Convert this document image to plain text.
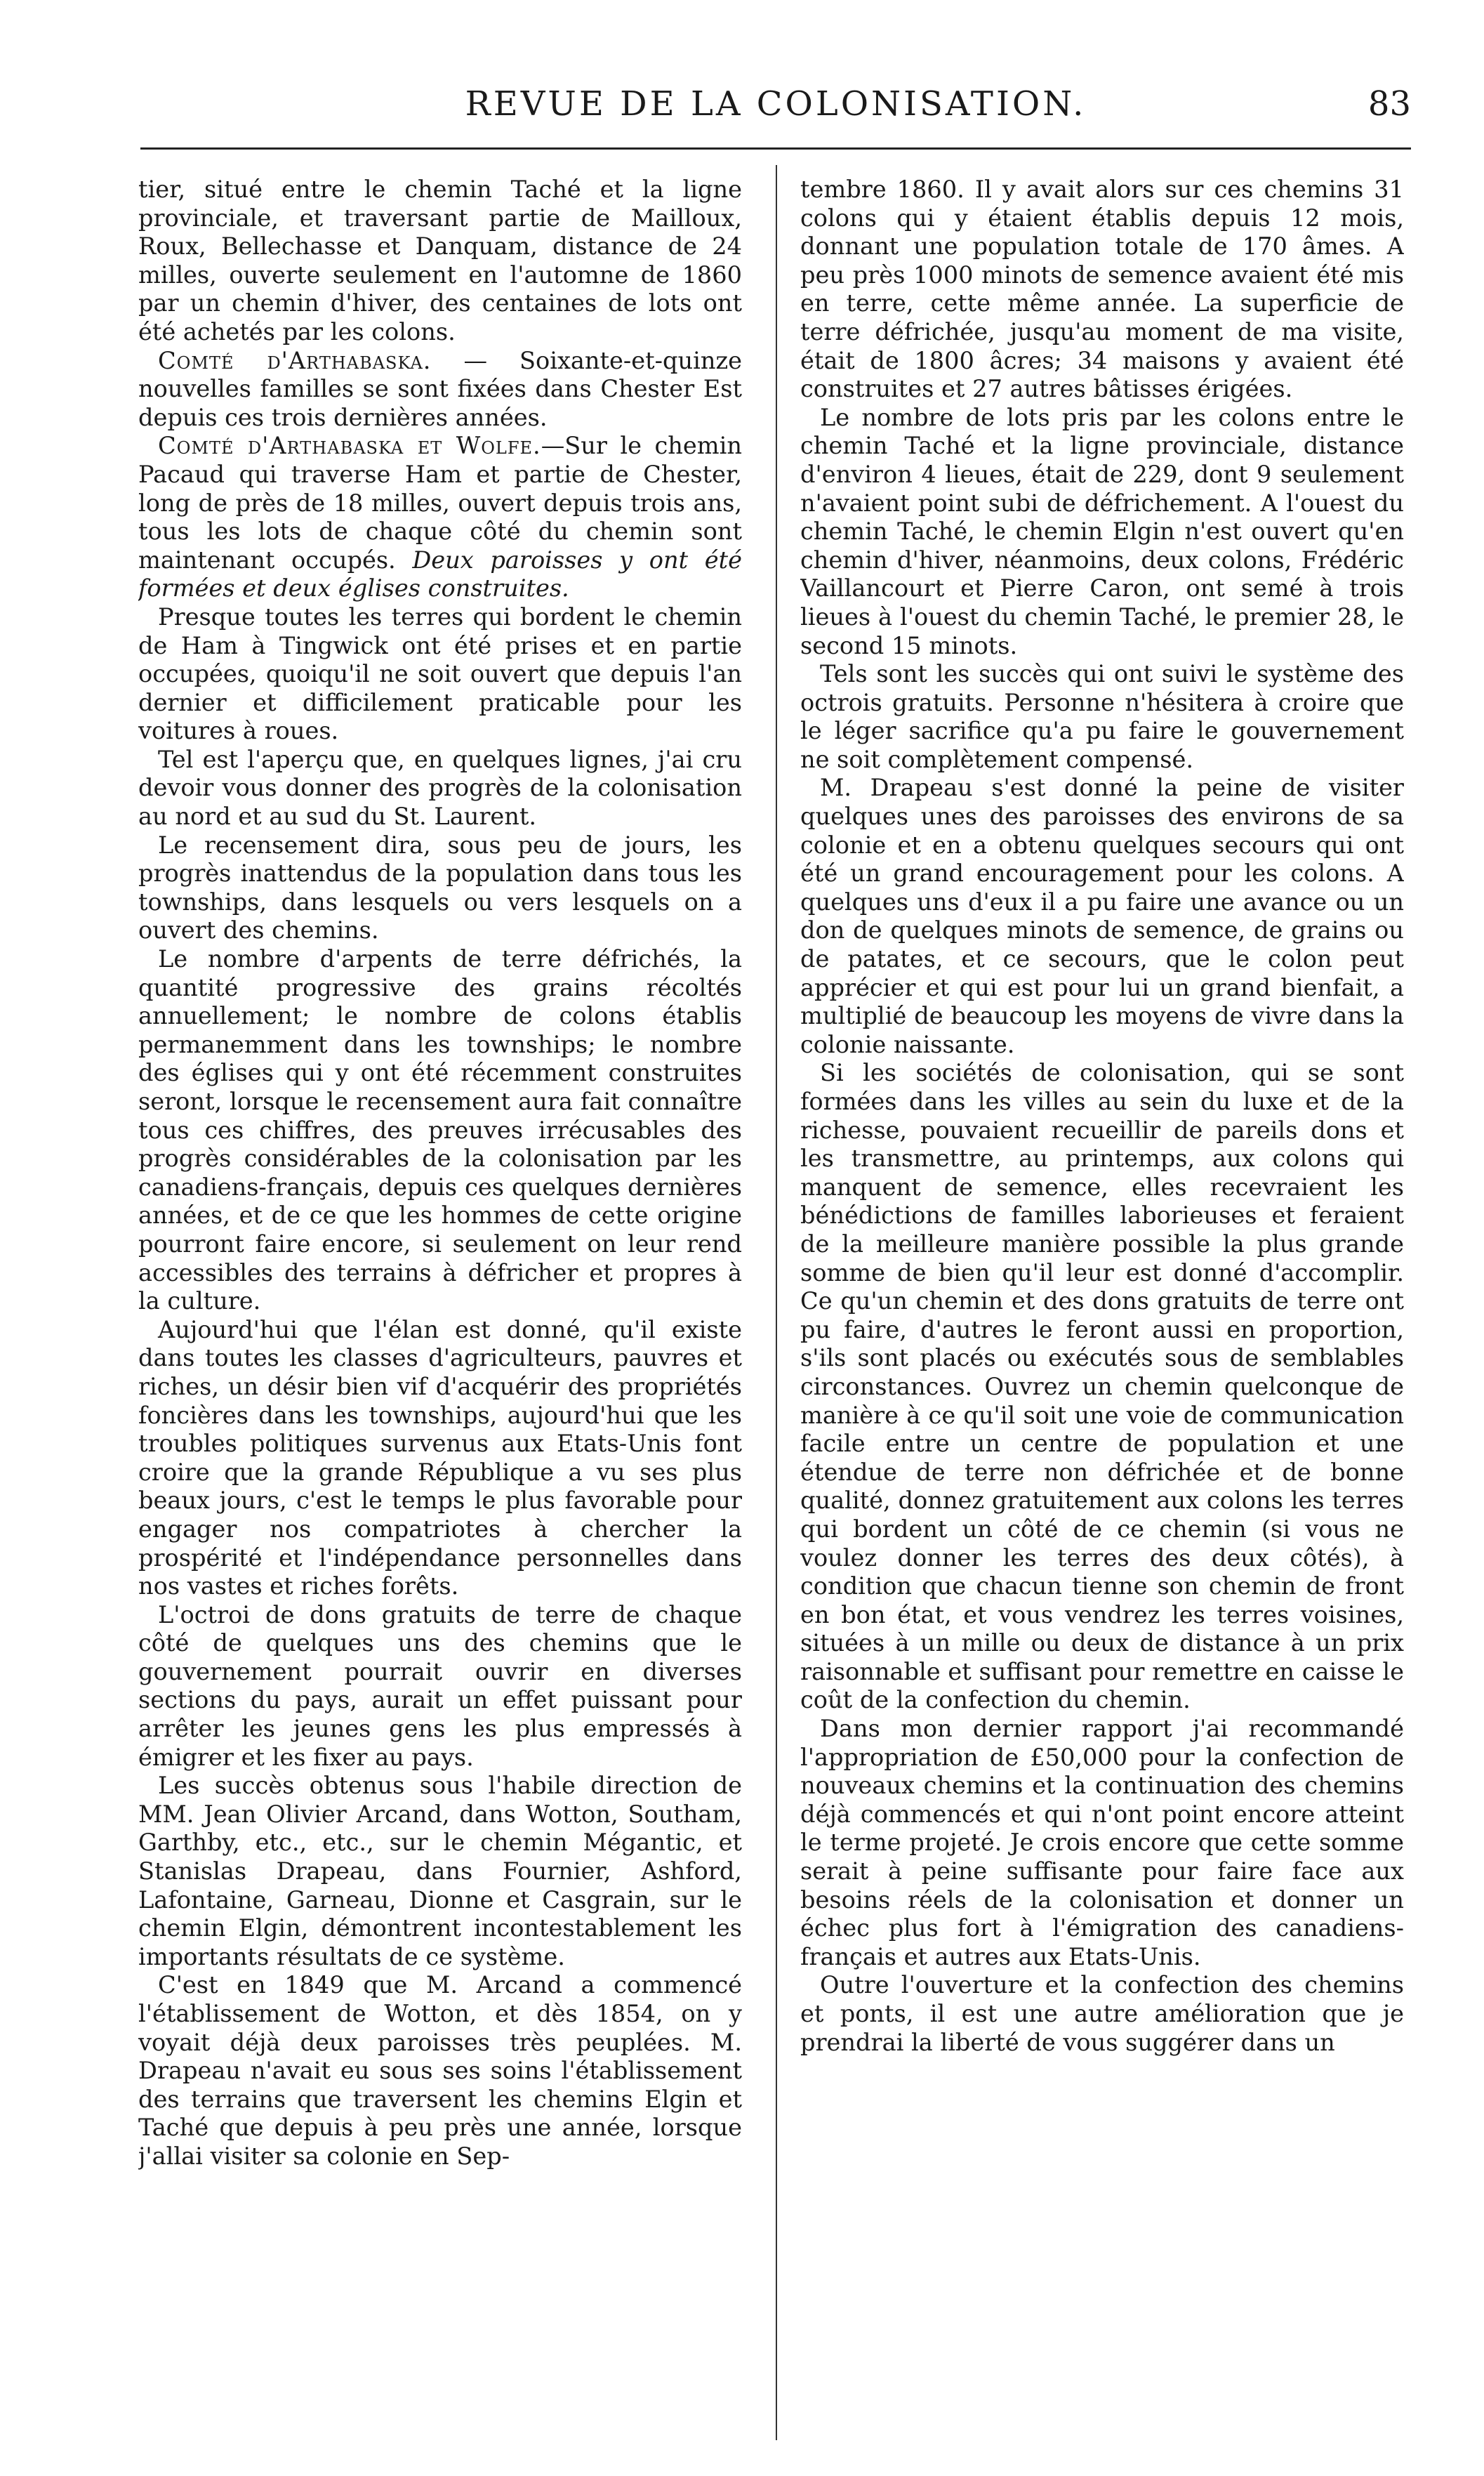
REVUE DE LA COLONISATION.	83

tier, situé entre le chemin Taché et la ligne provinciale, et traversant partie de Mailloux, Roux, Bellechasse et Danquam, distance de 24 milles, ouverte seulement en l'automne de 1860 par un chemin d'hiver, des centaines de lots ont été achetés par les colons.

Comté d'Arthabaska. — Soixante-et-quinze nouvelles familles se sont fixées dans Chester Est depuis ces trois dernières années.

Comté d'Arthabaska et Wolfe.—Sur le chemin Pacaud qui traverse Ham et partie de Chester, long de près de 18 milles, ouvert depuis trois ans, tous les lots de chaque côté du chemin sont maintenant occupés. Deux paroisses y ont été formées et deux églises construites.

Presque toutes les terres qui bordent le chemin de Ham à Tingwick ont été prises et en partie occupées, quoiqu'il ne soit ouvert que depuis l'an dernier et difficilement praticable pour les voitures à roues.

Tel est l'aperçu que, en quelques lignes, j'ai cru devoir vous donner des progrès de la colonisation au nord et au sud du St. Laurent.

Le recensement dira, sous peu de jours, les progrès inattendus de la population dans tous les townships, dans lesquels ou vers lesquels on a ouvert des chemins.

Le nombre d'arpents de terre défrichés, la quantité progressive des grains récoltés annuellement; le nombre de colons établis permanemment dans les townships; le nombre des églises qui y ont été récemment construites seront, lorsque le recensement aura fait connaître tous ces chiffres, des preuves irrécusables des progrès considérables de la colonisation par les canadiens-français, depuis ces quelques dernières années, et de ce que les hommes de cette origine pourront faire encore, si seulement on leur rend accessibles des terrains à défricher et propres à la culture.

Aujourd'hui que l'élan est donné, qu'il existe dans toutes les classes d'agriculteurs, pauvres et riches, un désir bien vif d'acquérir des propriétés foncières dans les townships, aujourd'hui que les troubles politiques survenus aux Etats-Unis font croire que la grande République a vu ses plus beaux jours, c'est le temps le plus favorable pour engager nos compatriotes à chercher la prospérité et l'indépendance personnelles dans nos vastes et riches forêts.

L'octroi de dons gratuits de terre de chaque côté de quelques uns des chemins que le gouvernement pourrait ouvrir en diverses sections du pays, aurait un effet puissant pour arrêter les jeunes gens les plus empressés à émigrer et les fixer au pays.

Les succès obtenus sous l'habile direction de MM. Jean Olivier Arcand, dans Wotton, Southam, Garthby, etc., etc., sur le chemin Mégantic, et Stanislas Drapeau, dans Fournier, Ashford, Lafontaine, Garneau, Dionne et Casgrain, sur le chemin Elgin, démontrent incontestablement les importants résultats de ce système.

C'est en 1849 que M. Arcand a commencé l'établissement de Wotton, et dès 1854, on y voyait déjà deux paroisses très peuplées. M. Drapeau n'avait eu sous ses soins l'établissement des terrains que traversent les chemins Elgin et Taché que depuis à peu près une année, lorsque j'allai visiter sa colonie en Sep-

tembre 1860. Il y avait alors sur ces chemins 31 colons qui y étaient établis depuis 12 mois, donnant une population totale de 170 âmes. A peu près 1000 minots de semence avaient été mis en terre, cette même année. La superficie de terre défrichée, jusqu'au moment de ma visite, était de 1800 âcres; 34 maisons y avaient été construites et 27 autres bâtisses érigées.

Le nombre de lots pris par les colons entre le chemin Taché et la ligne provinciale, distance d'environ 4 lieues, était de 229, dont 9 seulement n'avaient point subi de défrichement. A l'ouest du chemin Taché, le chemin Elgin n'est ouvert qu'en chemin d'hiver, néanmoins, deux colons, Frédéric Vaillancourt et Pierre Caron, ont semé à trois lieues à l'ouest du chemin Taché, le premier 28, le second 15 minots.

Tels sont les succès qui ont suivi le système des octrois gratuits. Personne n'hésitera à croire que le léger sacrifice qu'a pu faire le gouvernement ne soit complètement compensé.

M. Drapeau s'est donné la peine de visiter quelques unes des paroisses des environs de sa colonie et en a obtenu quelques secours qui ont été un grand encouragement pour les colons. A quelques uns d'eux il a pu faire une avance ou un don de quelques minots de semence, de grains ou de patates, et ce secours, que le colon peut apprécier et qui est pour lui un grand bienfait, a multiplié de beaucoup les moyens de vivre dans la colonie naissante.

Si les sociétés de colonisation, qui se sont formées dans les villes au sein du luxe et de la richesse, pouvaient recueillir de pareils dons et les transmettre, au printemps, aux colons qui manquent de semence, elles recevraient les bénédictions de familles laborieuses et feraient de la meilleure manière possible la plus grande somme de bien qu'il leur est donné d'accomplir. Ce qu'un chemin et des dons gratuits de terre ont pu faire, d'autres le feront aussi en proportion, s'ils sont placés ou exécutés sous de semblables circonstances. Ouvrez un chemin quelconque de manière à ce qu'il soit une voie de communication facile entre un centre de population et une étendue de terre non défrichée et de bonne qualité, donnez gratuitement aux colons les terres qui bordent un côté de ce chemin (si vous ne voulez donner les terres des deux côtés), à condition que chacun tienne son chemin de front en bon état, et vous vendrez les terres voisines, situées à un mille ou deux de distance à un prix raisonnable et suffisant pour remettre en caisse le coût de la confection du chemin.

Dans mon dernier rapport j'ai recommandé l'appropriation de £50,000 pour la confection de nouveaux chemins et la continuation des chemins déjà commencés et qui n'ont point encore atteint le terme projeté. Je crois encore que cette somme serait à peine suffisante pour faire face aux besoins réels de la colonisation et donner un échec plus fort à l'émigration des canadiens-français et autres aux Etats-Unis.

Outre l'ouverture et la confection des chemins et ponts, il est une autre amélioration que je prendrai la liberté de vous suggérer dans un
